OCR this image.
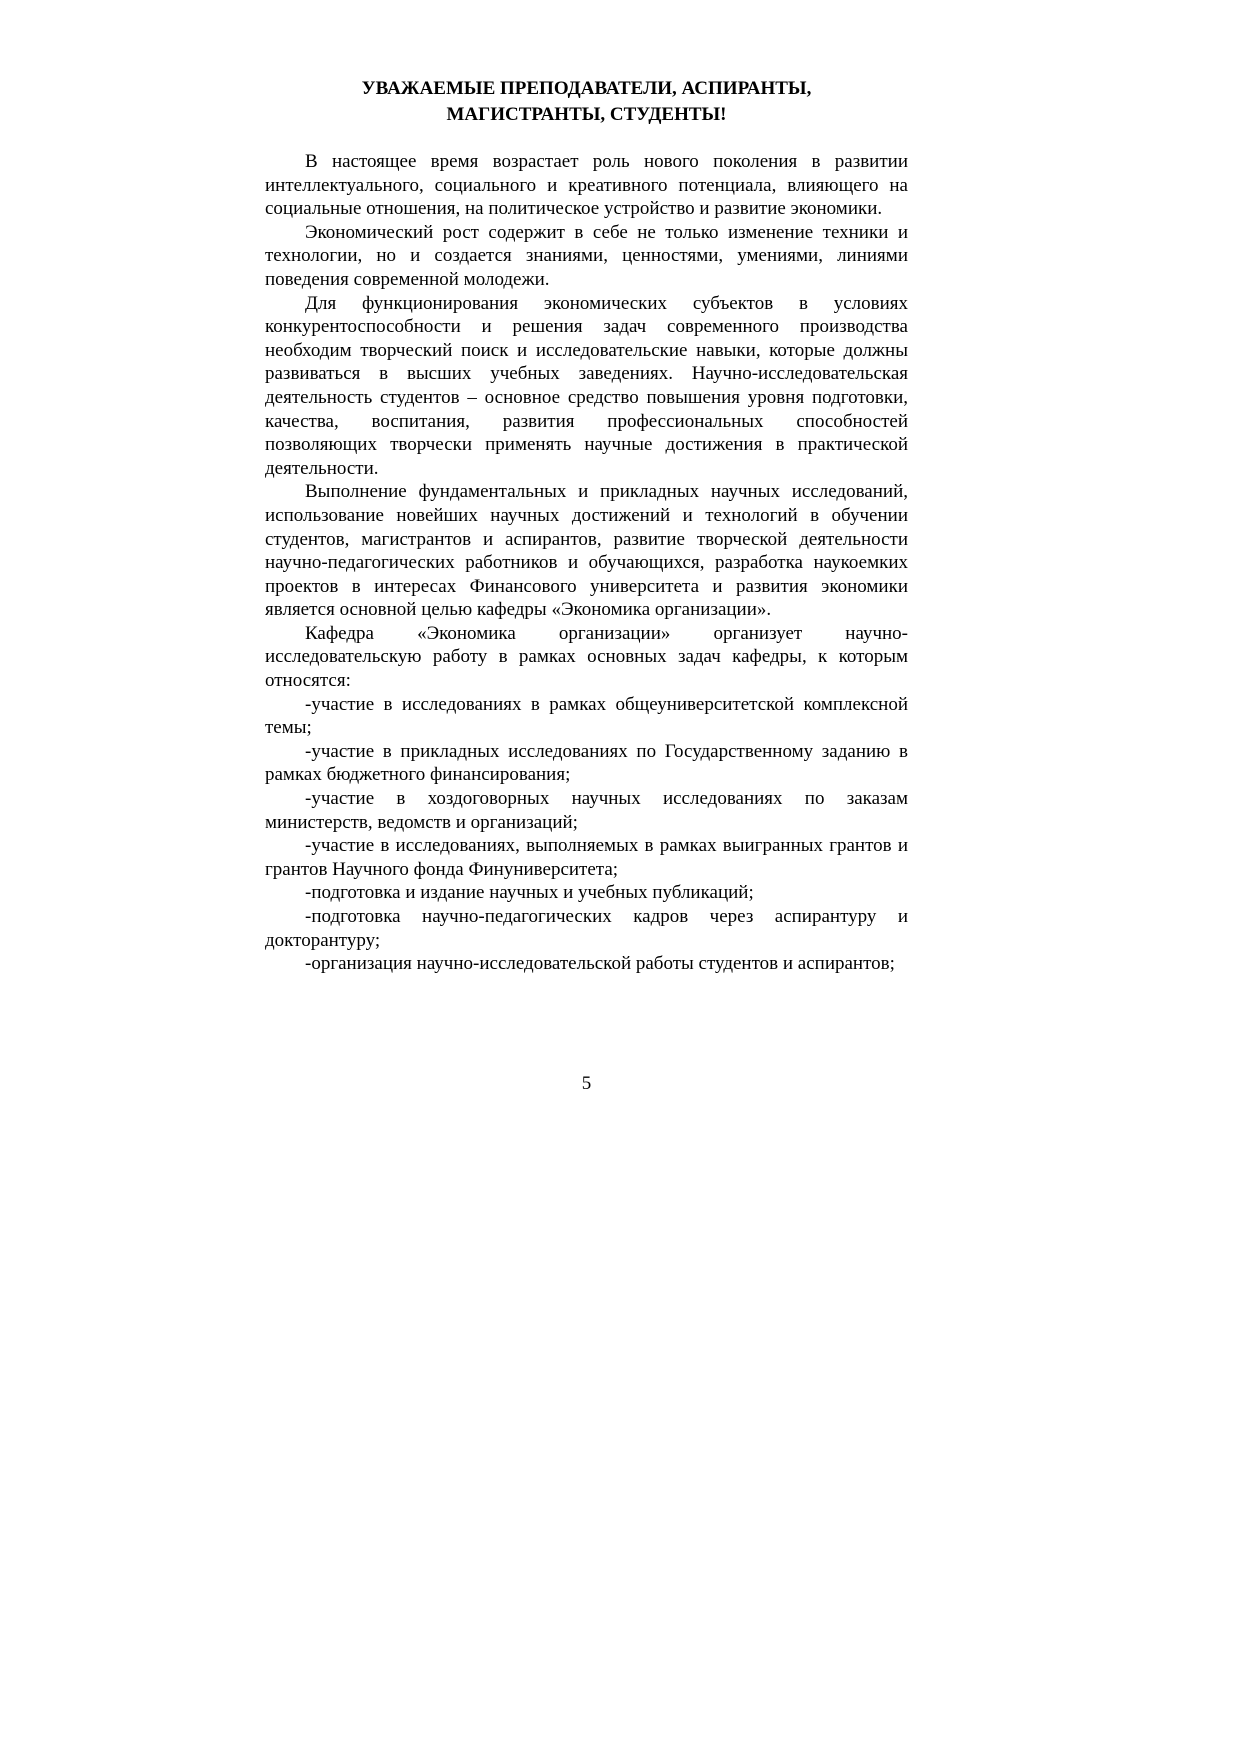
УВАЖАЕМЫЕ ПРЕПОДАВАТЕЛИ, АСПИРАНТЫ,
МАГИСТРАНТЫ, СТУДЕНТЫ!

В настоящее время возрастает роль нового поколения в развитии интеллектуального, социального и креативного потенциала, влияющего на социальные отношения, на политическое устройство и развитие экономики.

Экономический рост содержит в себе не только изменение техники и технологии, но и создается знаниями, ценностями, умениями, линиями поведения современной молодежи.

Для функционирования экономических субъектов в условиях конкурентоспособности и решения задач современного производства необходим творческий поиск и исследовательские навыки, которые должны развиваться в высших учебных заведениях. Научно-исследовательская деятельность студентов – основное средство повышения уровня подготовки, качества, воспитания, развития профессиональных способностей позволяющих творчески применять научные достижения в практической деятельности.

Выполнение фундаментальных и прикладных научных исследований, использование новейших научных достижений и технологий в обучении студентов, магистрантов и аспирантов, развитие творческой деятельности научно-педагогических работников и обучающихся, разработка наукоемких проектов в интересах Финансового университета и развития экономики является основной целью кафедры «Экономика организации».

Кафедра «Экономика организации» организует научно-исследовательскую работу в рамках основных задач кафедры, к которым относятся:

-участие в исследованиях в рамках общеуниверситетской комплексной темы;

-участие в прикладных исследованиях по Государственному заданию в рамках бюджетного финансирования;

-участие в хоздоговорных научных исследованиях по заказам министерств, ведомств и организаций;

-участие в исследованиях, выполняемых в рамках выигранных грантов и грантов Научного фонда Финуниверситета;

-подготовка и издание научных и учебных публикаций;

-подготовка научно-педагогических кадров через аспирантуру и докторантуру;

-организация научно-исследовательской работы студентов и аспирантов;

5
